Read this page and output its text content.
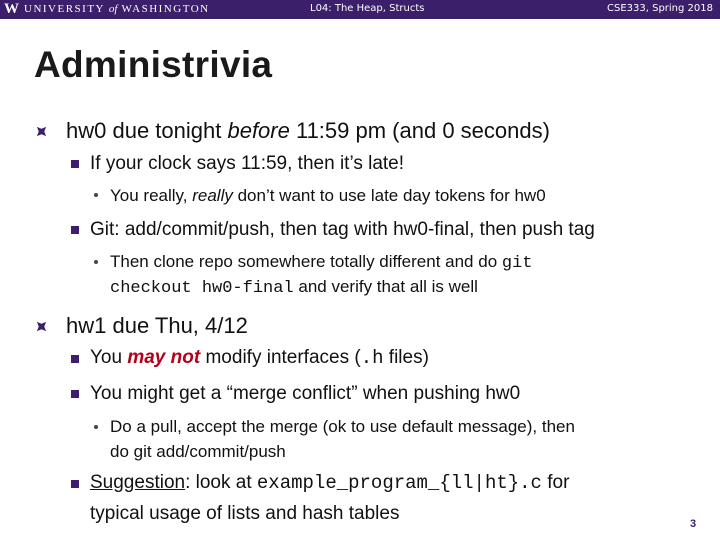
W UNIVERSITY of WASHINGTON	L04: The Heap, Structs	CSE333, Spring 2018
Administrivia
hw0 due tonight before 11:59 pm (and 0 seconds)
If your clock says 11:59, then it’s late!
You really, really don’t want to use late day tokens for hw0
Git: add/commit/push, then tag with hw0-final, then push tag
Then clone repo somewhere totally different and do git
checkout hw0-final and verify that all is well
hw1 due Thu, 4/12
You may not modify interfaces (.h files)
You might get a “merge conflict” when pushing hw0
Do a pull, accept the merge (ok to use default message), then
do git add/commit/push
Suggestion: look at example_program_{ll|ht}.c for
typical usage of lists and hash tables	3
